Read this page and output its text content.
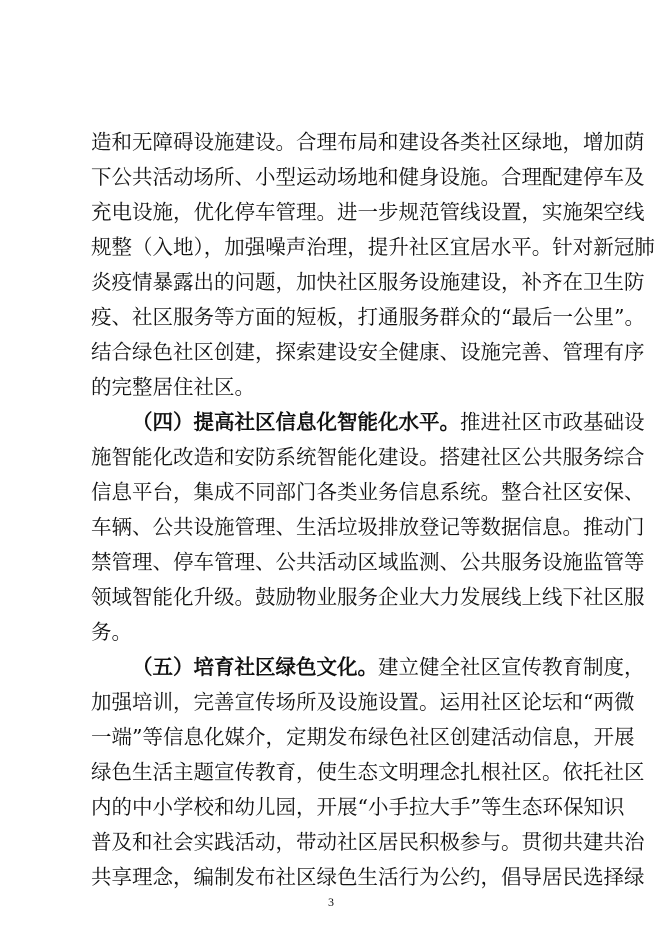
造和无障碍设施建设。合理布局和建设各类社区绿地，增加荫
下公共活动场所、小型运动场地和健身设施。合理配建停车及
充电设施，优化停车管理。进一步规范管线设置，实施架空线
规整（入地），加强噪声治理，提升社区宜居水平。针对新冠肺
炎疫情暴露出的问题，加快社区服务设施建设，补齐在卫生防
疫、社区服务等方面的短板，打通服务群众的“最后一公里”。
结合绿色社区创建，探索建设安全健康、设施完善、管理有序
的完整居住社区。
（四）提高社区信息化智能化水平。推进社区市政基础设
施智能化改造和安防系统智能化建设。搭建社区公共服务综合
信息平台，集成不同部门各类业务信息系统。整合社区安保、
车辆、公共设施管理、生活垃圾排放登记等数据信息。推动门
禁管理、停车管理、公共活动区域监测、公共服务设施监管等
领域智能化升级。鼓励物业服务企业大力发展线上线下社区服
务。
（五）培育社区绿色文化。建立健全社区宣传教育制度，
加强培训，完善宣传场所及设施设置。运用社区论坛和“两微
一端”等信息化媒介，定期发布绿色社区创建活动信息，开展
绿色生活主题宣传教育，使生态文明理念扎根社区。依托社区
内的中小学校和幼儿园，开展“小手拉大手”等生态环保知识
普及和社会实践活动，带动社区居民积极参与。贯彻共建共治
共享理念，编制发布社区绿色生活行为公约，倡导居民选择绿
3
